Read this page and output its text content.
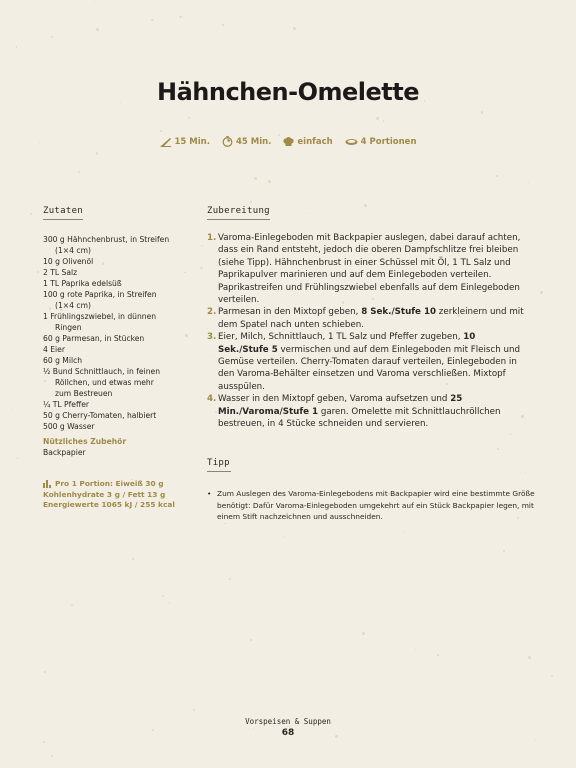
Hähnchen-Omelette
15 Min.	45 Min.	einfach	4 Portionen
Zutaten
300 g Hähnchenbrust, in Streifen
(1×4 cm)
10 g Olivenöl
2 TL Salz
1 TL Paprika edelsüß
100 g rote Paprika, in Streifen
(1×4 cm)
1 Frühlingszwiebel, in dünnen
Ringen
60 g Parmesan, in Stücken
4 Eier
60 g Milch
½ Bund Schnittlauch, in feinen
Röllchen, und etwas mehr
zum Bestreuen
¼ TL Pfeffer
50 g Cherry-Tomaten, halbiert
500 g Wasser
Nützliches Zubehör
Backpapier
Pro 1 Portion: Eiweiß 30 g
Kohlenhydrate 3 g / Fett 13 g
Energiewerte 1065 kJ / 255 kcal
Zubereitung
1. Varoma-Einlegeboden mit Backpapier auslegen, dabei darauf achten, dass ein Rand entsteht, jedoch die oberen Dampfschlitze frei bleiben (siehe Tipp). Hähnchenbrust in einer Schüssel mit Öl, 1 TL Salz und Paprikapulver marinieren und auf dem Einlegeboden verteilen. Paprikastreifen und Frühlingszwiebel ebenfalls auf dem Einlegeboden verteilen.
2. Parmesan in den Mixtopf geben, 8 Sek./Stufe 10 zerkleinern und mit dem Spatel nach unten schieben.
3. Eier, Milch, Schnittlauch, 1 TL Salz und Pfeffer zugeben, 10 Sek./Stufe 5 vermischen und auf dem Einlegeboden mit Fleisch und Gemüse verteilen. Cherry-Tomaten darauf verteilen, Einlegeboden in den Varoma-Behälter einsetzen und Varoma verschließen. Mixtopf ausspülen.
4. Wasser in den Mixtopf geben, Varoma aufsetzen und 25 Min./Varoma/Stufe 1 garen. Omelette mit Schnittlauchröllchen bestreuen, in 4 Stücke schneiden und servieren.
Tipp
• Zum Auslegen des Varoma-Einlegebodens mit Backpapier wird eine bestimmte Größe benötigt: Dafür Varoma-Einlegeboden umgekehrt auf ein Stück Backpapier legen, mit einem Stift nachzeichnen und ausschneiden.
Vorspeisen & Suppen
68
